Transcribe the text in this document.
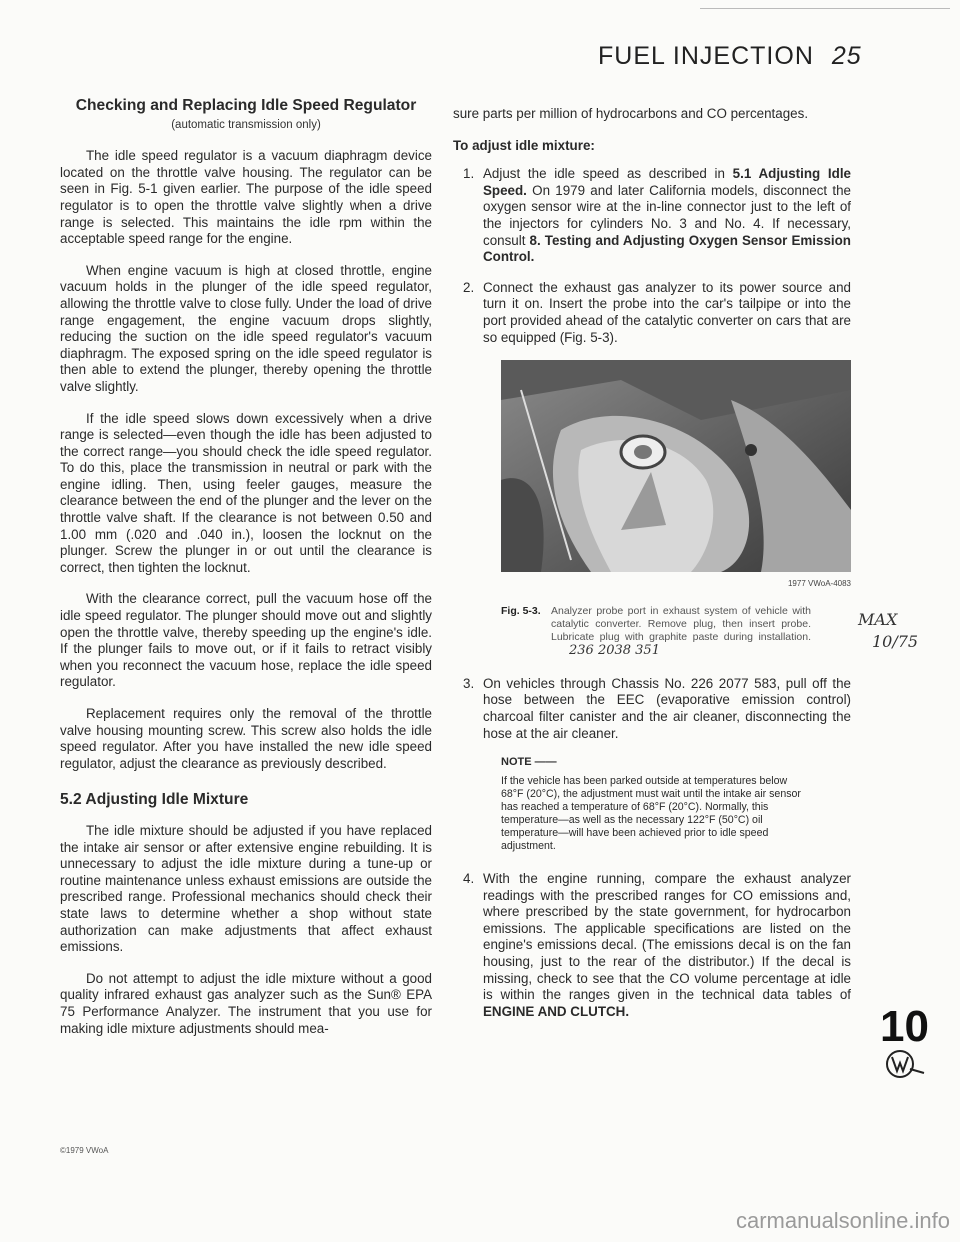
FUEL INJECTION 25
Checking and Replacing Idle Speed Regulator
(automatic transmission only)

The idle speed regulator is a vacuum diaphragm device located on the throttle valve housing. The regulator can be seen in Fig. 5-1 given earlier. The purpose of the idle speed regulator is to open the throttle valve slightly when a drive range is selected. This maintains the idle rpm within the acceptable speed range for the engine.

When engine vacuum is high at closed throttle, engine vacuum holds in the plunger of the idle speed regulator, allowing the throttle valve to close fully. Under the load of drive range engagement, the engine vacuum drops slightly, reducing the suction on the idle speed regulator's vacuum diaphragm. The exposed spring on the idle speed regulator is then able to extend the plunger, thereby opening the throttle valve slightly.

If the idle speed slows down excessively when a drive range is selected—even though the idle has been adjusted to the correct range—you should check the idle speed regulator. To do this, place the transmission in neutral or park with the engine idling. Then, using feeler gauges, measure the clearance between the end of the plunger and the lever on the throttle valve shaft. If the clearance is not between 0.50 and 1.00 mm (.020 and .040 in.), loosen the locknut on the plunger. Screw the plunger in or out until the clearance is correct, then tighten the locknut.

With the clearance correct, pull the vacuum hose off the idle speed regulator. The plunger should move out and slightly open the throttle valve, thereby speeding up the engine's idle. If the plunger fails to move out, or if it fails to retract visibly when you reconnect the vacuum hose, replace the idle speed regulator.

Replacement requires only the removal of the throttle valve housing mounting screw. This screw also holds the idle speed regulator. After you have installed the new idle speed regulator, adjust the clearance as previously described.

5.2 Adjusting Idle Mixture

The idle mixture should be adjusted if you have replaced the intake air sensor or after extensive engine rebuilding. It is unnecessary to adjust the idle mixture during a tune-up or routine maintenance unless exhaust emissions are outside the prescribed range. Professional mechanics should check their state laws to determine whether a shop without state authorization can make adjustments that affect exhaust emissions.

Do not attempt to adjust the idle mixture without a good quality infrared exhaust gas analyzer such as the Sun® EPA 75 Performance Analyzer. The instrument that you use for making idle mixture adjustments should mea-

sure parts per million of hydrocarbons and CO percentages.

To adjust idle mixture:
1. Adjust the idle speed as described in 5.1 Adjusting Idle Speed. On 1979 and later California models, disconnect the oxygen sensor wire at the in-line connector just to the left of the injectors for cylinders No. 3 and No. 4. If necessary, consult 8. Testing and Adjusting Oxygen Sensor Emission Control.
2. Connect the exhaust gas analyzer to its power source and turn it on. Insert the probe into the car's tailpipe or into the port provided ahead of the catalytic converter on cars that are so equipped (Fig. 5-3).
1977 VWoA-4083
Fig. 5-3. Analyzer probe port in exhaust system of vehicle with catalytic converter. Remove plug, then insert probe. Lubricate plug with graphite paste during installation. 236 2038 351
3. On vehicles through Chassis No. 226 2077 583, pull off the hose between the EEC (evaporative emission control) charcoal filter canister and the air cleaner, disconnecting the hose at the air cleaner.
NOTE ——
If the vehicle has been parked outside at temperatures below 68°F (20°C), the adjustment must wait until the intake air sensor has reached a temperature of 68°F (20°C). Normally, this temperature—as well as the necessary 122°F (50°C) oil temperature—will have been achieved prior to idle speed adjustment.
4. With the engine running, compare the exhaust analyzer readings with the prescribed ranges for CO emissions and, where prescribed by the state government, for hydrocarbon emissions. The applicable specifications are listed on the engine's emissions decal. (The emissions decal is on the fan housing, just to the rear of the distributor.) If the decal is missing, check to see that the CO volume percentage at idle is within the ranges given in the technical data tables of ENGINE AND CLUTCH.
MAX
10/75
10
©1979 VWoA
carmanualsonline.info
